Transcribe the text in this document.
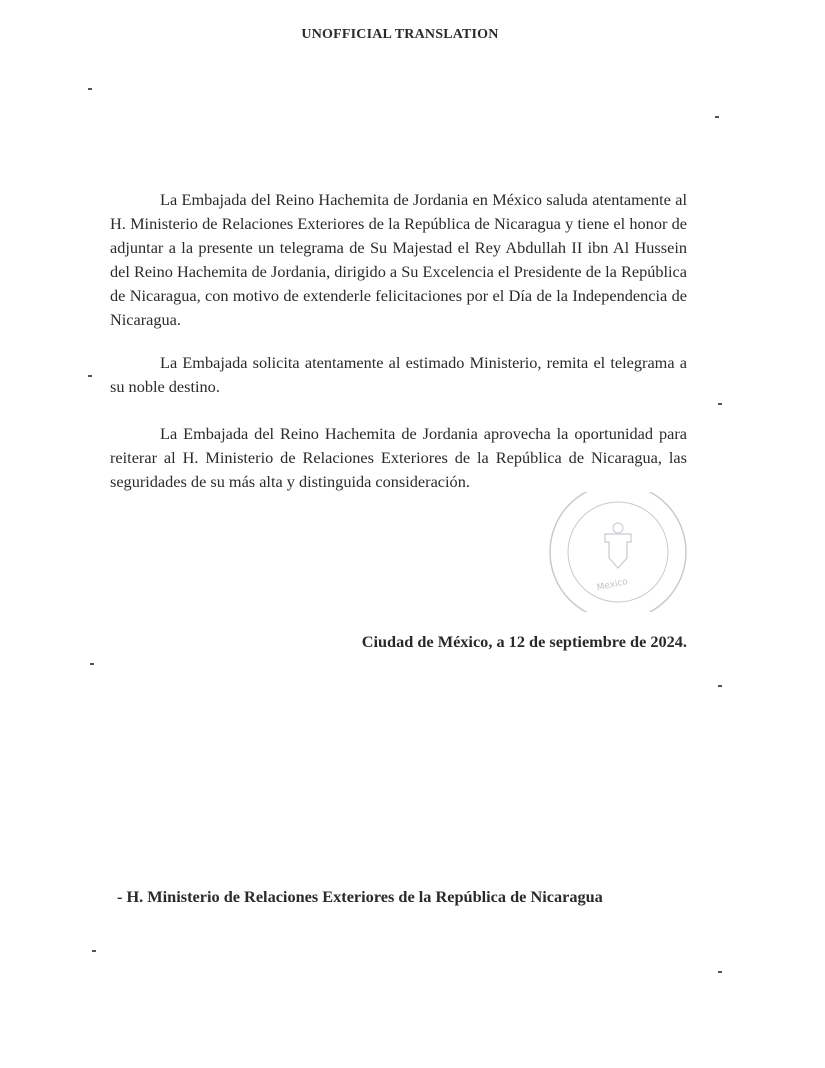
UNOFFICIAL TRANSLATION

La Embajada del Reino Hachemita de Jordania en México saluda atentamente al H. Ministerio de Relaciones Exteriores de la República de Nicaragua y tiene el honor de adjuntar a la presente un telegrama de Su Majestad el Rey Abdullah II ibn Al Hussein del Reino Hachemita de Jordania, dirigido a Su Excelencia el Presidente de la República de Nicaragua, con motivo de extenderle felicitaciones por el Día de la Independencia de Nicaragua.

La Embajada solicita atentamente al estimado Ministerio, remita el telegrama a su noble destino.

La Embajada del Reino Hachemita de Jordania aprovecha la oportunidad para reiterar al H. Ministerio de Relaciones Exteriores de la República de Nicaragua, las seguridades de su más alta y distinguida consideración.

Mexico
Ciudad de México, a 12 de septiembre de 2024.
- H. Ministerio de Relaciones Exteriores de la República de Nicaragua
